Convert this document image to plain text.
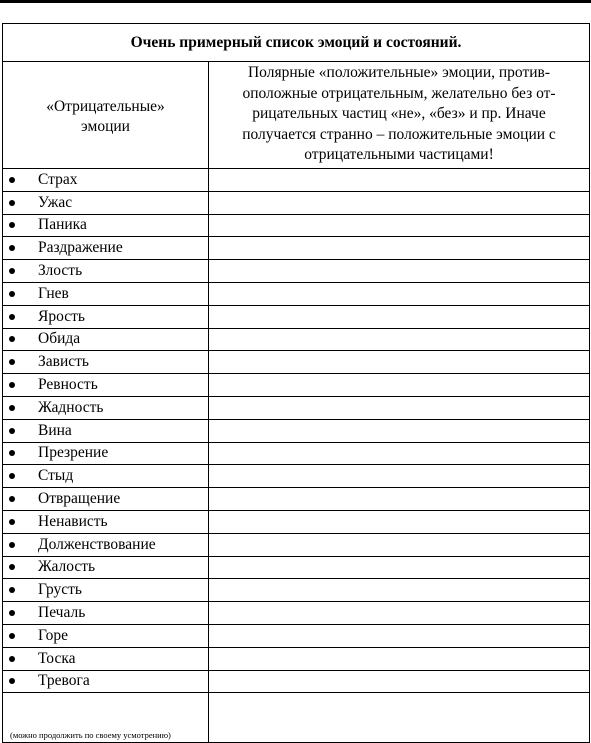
Очень примерный список эмоций и состояний.	
«Отрицательные»
эмоции	Полярные «положительные» эмоции, против-
оположные отрицательным, желательно без от-
рицательных частиц «не», «без» и пр. Иначе
получается странно – положительные эмоции с
отрицательными частицами!

Страх	

Ужас	

Паника	

Раздражение	

Злость	

Гнев	

Ярость	

Обида	

Зависть	

Ревность	

Жадность	

Вина	

Презрение	

Стыд	

Отвращение	

Ненависть	

Долженствование	

Жалость	

Грусть	

Печаль	

Горе	

Тоска	

Тревога	
(можно продолжить по своему усмотрению)	
